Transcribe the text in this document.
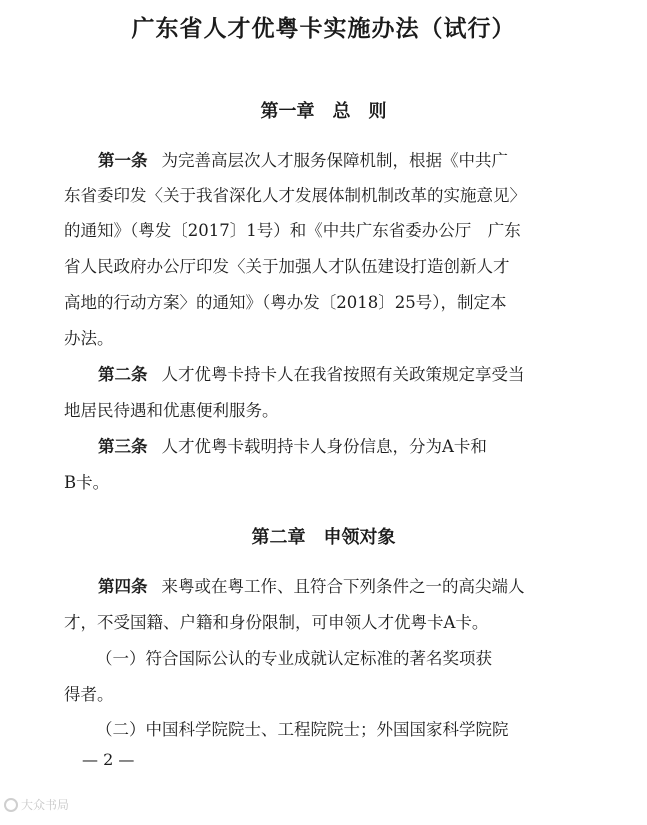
广东省人才优粤卡实施办法（试行）
第一章　总　则
第一条 为完善高层次人才服务保障机制，根据《中共广
东省委印发〈关于我省深化人才发展体制机制改革的实施意见〉
的通知》（粤发〔2017〕1号）和《中共广东省委办公厅　广东
省人民政府办公厅印发〈关于加强人才队伍建设打造创新人才
高地的行动方案〉的通知》（粤办发〔2018〕25号），制定本
办法。
第二条 人才优粤卡持卡人在我省按照有关政策规定享受当
地居民待遇和优惠便利服务。
第三条 人才优粤卡载明持卡人身份信息，分为A卡和
B卡。
第二章　申领对象
第四条 来粤或在粤工作、且符合下列条件之一的高尖端人
才，不受国籍、户籍和身份限制，可申领人才优粤卡A卡。
（一）符合国际公认的专业成就认定标准的著名奖项获
得者。
（二）中国科学院院士、工程院院士；外国国家科学院院
— 2 —
大众书局
